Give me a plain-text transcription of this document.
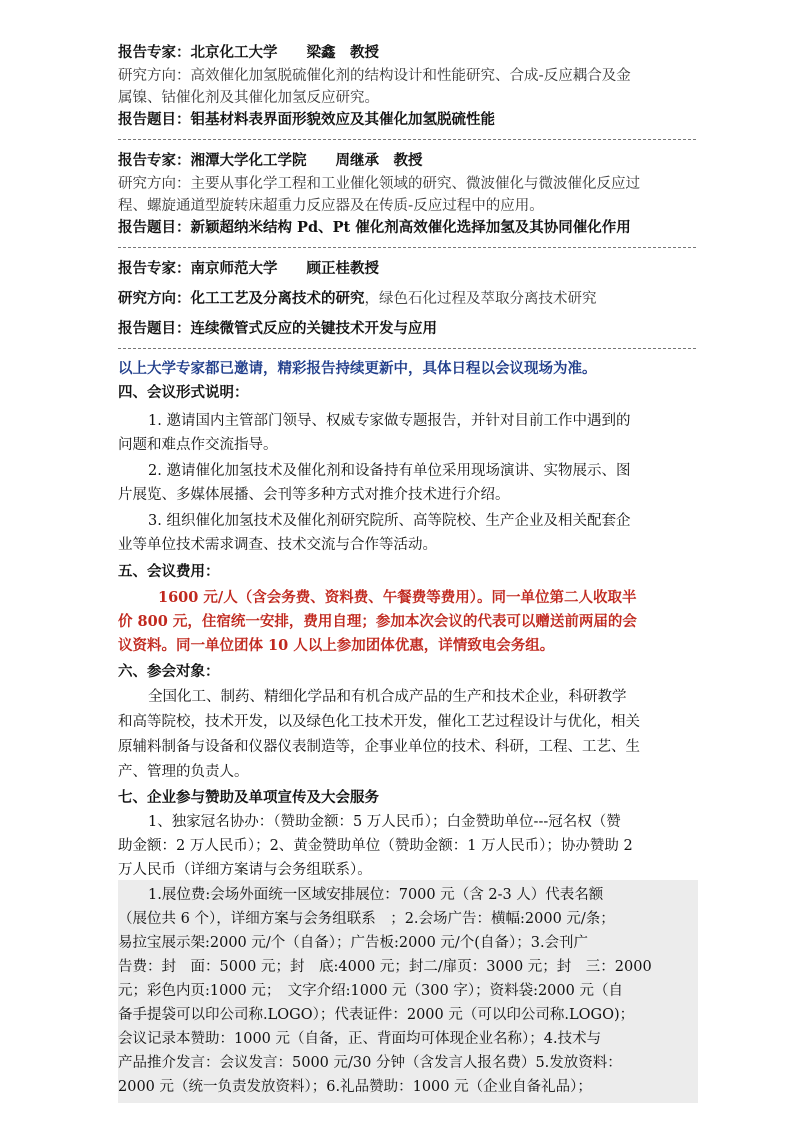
报告专家：北京化工大学　　梁鑫　教授
研究方向：高效催化加氢脱硫催化剂的结构设计和性能研究、合成-反应耦合及金
属镍、钴催化剂及其催化加氢反应研究。
报告题目：钼基材料表界面形貌效应及其催化加氢脱硫性能
报告专家：湘潭大学化工学院　　周继承　教授
研究方向：主要从事化学工程和工业催化领域的研究、微波催化与微波催化反应过
程、螺旋通道型旋转床超重力反应器及在传质-反应过程中的应用。
报告题目：新颖超纳米结构 Pd、Pt 催化剂高效催化选择加氢及其协同催化作用
报告专家：南京师范大学　　顾正桂教授
研究方向：化工工艺及分离技术的研究，绿色石化过程及萃取分离技术研究
报告题目：连续微管式反应的关键技术开发与应用
以上大学专家都已邀请，精彩报告持续更新中，具体日程以会议现场为准。
四、会议形式说明：
1. 邀请国内主管部门领导、权威专家做专题报告，并针对目前工作中遇到的
问题和难点作交流指导。
2. 邀请催化加氢技术及催化剂和设备持有单位采用现场演讲、实物展示、图
片展览、多媒体展播、会刊等多种方式对推介技术进行介绍。
3. 组织催化加氢技术及催化剂研究院所、高等院校、生产企业及相关配套企
业等单位技术需求调查、技术交流与合作等活动。
五、会议费用：
1600 元/人（含会务费、资料费、午餐费等费用）。同一单位第二人收取半
价 800 元，住宿统一安排，费用自理；参加本次会议的代表可以赠送前两届的会
议资料。同一单位团体 10 人以上参加团体优惠，详情致电会务组。
六、参会对象：
全国化工、制药、精细化学品和有机合成产品的生产和技术企业，科研教学
和高等院校，技术开发，以及绿色化工技术开发，催化工艺过程设计与优化，相关
原辅料制备与设备和仪器仪表制造等，企事业单位的技术、科研，工程、工艺、生
产、管理的负责人。
七、企业参与赞助及单项宣传及大会服务
1、独家冠名协办：（赞助金额：5 万人民币）；白金赞助单位---冠名权（赞
助金额：2 万人民币）；2、黄金赞助单位（赞助金额：1 万人民币）；协办赞助 2
万人民币（详细方案请与会务组联系）。
1.展位费:会场外面统一区域安排展位：7000 元（含 2-3 人）代表名额
（展位共 6 个），详细方案与会务组联系　；2.会场广告：横幅:2000 元/条；
易拉宝展示架:2000 元/个（自备）；广告板:2000 元/个(自备）；3.会刊广
告费：封　面：5000 元；封　底:4000 元；封二/扉页：3000 元；封　三：2000
元；彩色内页:1000 元；　文字介绍:1000 元（300 字）；资料袋:2000 元（自
备手提袋可以印公司称.LOGO）；代表证件：2000 元（可以印公司称.LOGO)；
会议记录本赞助：1000 元（自备，正、背面均可体现企业名称）；4.技术与
产品推介发言：会议发言：5000 元/30 分钟（含发言人报名费）5.发放资料：
2000 元（统一负责发放资料）；6.礼品赞助：1000 元（企业自备礼品）；
